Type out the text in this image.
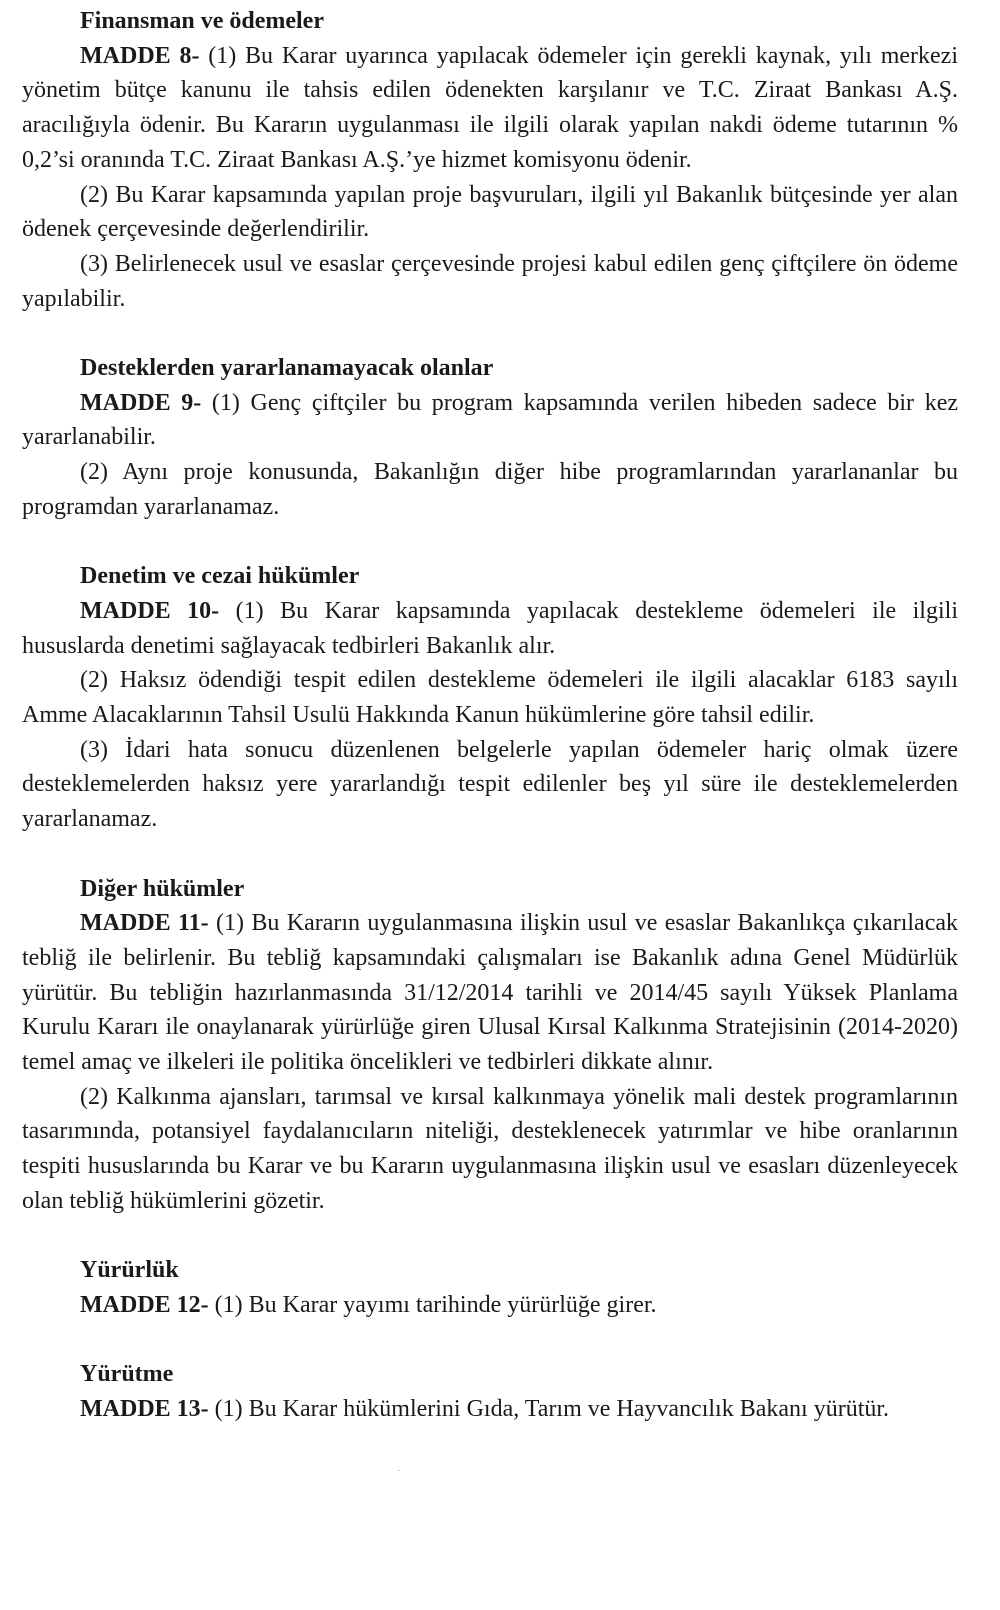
Finansman ve ödemeler

MADDE 8- (1) Bu Karar uyarınca yapılacak ödemeler için gerekli kaynak, yılı merkezi yönetim bütçe kanunu ile tahsis edilen ödenekten karşılanır ve T.C. Ziraat Bankası A.Ş. aracılığıyla ödenir. Bu Kararın uygulanması ile ilgili olarak yapılan nakdi ödeme tutarının % 0,2’si oranında T.C. Ziraat Bankası A.Ş.’ye hizmet komisyonu ödenir.

(2) Bu Karar kapsamında yapılan proje başvuruları, ilgili yıl Bakanlık bütçesinde yer alan ödenek çerçevesinde değerlendirilir.

(3) Belirlenecek usul ve esaslar çerçevesinde projesi kabul edilen genç çiftçilere ön ödeme yapılabilir.

Desteklerden yararlanamayacak olanlar

MADDE 9- (1) Genç çiftçiler bu program kapsamında verilen hibeden sadece bir kez yararlanabilir.

(2) Aynı proje konusunda, Bakanlığın diğer hibe programlarından yararlananlar bu programdan yararlanamaz.

Denetim ve cezai hükümler

MADDE 10- (1) Bu Karar kapsamında yapılacak destekleme ödemeleri ile ilgili hususlarda denetimi sağlayacak tedbirleri Bakanlık alır.

(2) Haksız ödendiği tespit edilen destekleme ödemeleri ile ilgili alacaklar 6183 sayılı Amme Alacaklarının Tahsil Usulü Hakkında Kanun hükümlerine göre tahsil edilir.

(3) İdari hata sonucu düzenlenen belgelerle yapılan ödemeler hariç olmak üzere desteklemelerden haksız yere yararlandığı tespit edilenler beş yıl süre ile desteklemelerden yararlanamaz.

Diğer hükümler

MADDE 11- (1) Bu Kararın uygulanmasına ilişkin usul ve esaslar Bakanlıkça çıkarılacak tebliğ ile belirlenir. Bu tebliğ kapsamındaki çalışmaları ise Bakanlık adına Genel Müdürlük yürütür. Bu tebliğin hazırlanmasında 31/12/2014 tarihli ve 2014/45 sayılı Yüksek Planlama Kurulu Kararı ile onaylanarak yürürlüğe giren Ulusal Kırsal Kalkınma Stratejisinin (2014-2020) temel amaç ve ilkeleri ile politika öncelikleri ve tedbirleri dikkate alınır.

(2) Kalkınma ajansları, tarımsal ve kırsal kalkınmaya yönelik mali destek programlarının tasarımında, potansiyel faydalanıcıların niteliği, desteklenecek yatırımlar ve hibe oranlarının tespiti hususlarında bu Karar ve bu Kararın uygulanmasına ilişkin usul ve esasları düzenleyecek olan tebliğ hükümlerini gözetir.

Yürürlük

MADDE 12- (1) Bu Karar yayımı tarihinde yürürlüğe girer.

Yürütme

MADDE 13- (1) Bu Karar hükümlerini Gıda, Tarım ve Hayvancılık Bakanı yürütür.
